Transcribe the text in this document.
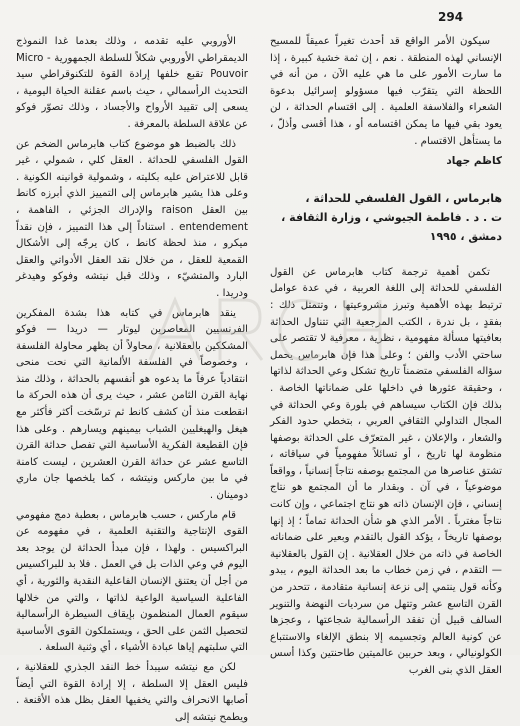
294

سيكون الأمر الواقع قد أحدث تغيراً عميقاً للمسيح الإنساني لهذه المنطقة . نعم ، إن ثمة خشية كبيرة ، إذا ما سارت الأمور على ما هي عليه الآن ، من أنه في اللحظة التي يتقرّب فيها مسؤولو إسرائيل بدعوة الشعراء والفلاسفة العلمية . إلى اقتسام الحداثة ، لن يعود بقي فيها ما يمكن اقتسامه أو ، هذا أقسى وأذلّ ، ما يستأهل الاقتسام .

كاظم جهاد

هابرماس ، القول الفلسفي للحداثة ،
ت . د . فاطمة الجيوشي ، وزارة الثقافة ،
دمشق ، ١٩٩٥

تكمن أهمية ترجمة كتاب هابرماس عن القول الفلسفي للحداثة إلى اللغة العربية ، في عدة عوامل ترتبط بهذه الأهمية وتبرز مشروعيتها ، وتتمثل ذلك : بفقدٍ ، بل ندرة ، الكتب المرجعية التي تتناول الحداثة بعافيتها مسألة مفهومية ، نظرية ، معرفية لا تقتصر على ساحتي الأدب والفن ؛ وعلى هذا فإن هابرماس يحمل سؤاله الفلسفي متضمناً تاريخ تشكل وعي الحداثة لذاتها ، وحقيقة عثورها في داخلها على ضماناتها الخاصة . بذلك فإن الكتاب سيساهم في بلورة وعي الحداثة في المجال التداولي الثقافي العربي ، بتخطي حدود الفكر والشعار ، والإعلان ، غير المتعرّف على الحداثة بوصفها منظومة لها تاريخ ، أو تسائلاً مفهومياً في سياقاته ، تشتق عناصرها من المجتمع بوصفه نتاجاً إنسانياً ، وواقعاً موضوعياً ، في آن . وبقدار ما أن المجتمع هو نتاج إنساني ، فإن الإنسان ذاته هو نتاج اجتماعي ، وإن كانت نتاجاً مغترباً . الأمر الذي هو شأن الحداثة تماماً ؛ إذ إنها بوصفها تاريخاً ، يؤكد القول بالتقدم وبعير على ضماناته الخاصة في ذاته من خلال العقلانية . إن القول بالعقلانية — التقدم ، في زمن خطاب ما بعد الحداثة اليوم ، يبدو وكأنه قول ينتمي إلى نزعة إنسانية متقادمة ، تتحدر من القرن التاسع عشر وتتهل من سرديات النهضة والتنوير السالف قبيل أن تفقد الرأسمالية شجاعتها ، وعجزها عن كونية العالم وتجسيمه إلا بنطق الإلغاء والاستتباع الكولونيالي ، وبعد حربين عالميتين طاحنتين وكذا أسس العقل الذي بنى الغرب

الأوروبي عليه تقدمه ، وذلك بعدما غدا النموذج الديمقراطي الأوروبي شكلاً للسلطة الجمهورية Micro - Pouvoir تقبع خلفها إرادة القوة للتكنوقراطي سيد التحديث الرأسمالي ، حيث باسم عقلنة الحياة اليومية ، يسعى إلى تقييد الأرواح والأجساد ، وذلك تصوّر فوكو عن علاقة السلطة بالمعرفة .

ذلك بالضبط هو موضوع كتاب هابرماس الضخم عن القول الفلسفي للحداثة . العقل كلي ، شمولي ، غير قابل للاعتراض عليه بكليته ، وشمولية قوانينه الكونية . وعلى هذا يشير هابرماس إلى التمييز الذي أبرزه كانط بين العقل raison والإدراك الجزئي ، الفاهمة ، entendement . استناداً إلى هذا التمييز ، فإن نقداً ميكرو ، منذ لحظة كانط ، كان يرجّه إلى الأشكال القمعية للعقل ، من خلال نقد العقل الأدواتي والعقل البارد والمتشيّء ، وذلك قبل نيتشه وفوكو وهيدغر ودريدا .

ينقد هابرماس في كتابه هذا بشدة المفكرين الفرنسيين المعاصرين ليوتار — دريدا — فوكو المشككين بالعقلانية ، محاولاً أن يظهر محاولة الفلسفة ، وخصوصاً في الفلسفة الألمانية التي نحت منحى انتقادياً عرفاً ما يدعوه هو أنفسهم بالحداثة ، وذلك منذ نهاية القرن الثامن عشر ، حيث يرى أن هذه الحركة ما انقطعت منذ أن كشف كانط ثم ترسّخت أكثر فأكثر مع هيغل والهيغليين الشباب بيمينهم ويسارهم . وعلى هذا فإن القطيعة الفكرية الأساسية التي تفصل حداثة القرن التاسع عشر عن حداثة القرن العشرين ، ليست كامنة في ما بين ماركس ونيتشه ، كما يلخصها جان ماري دومينان .

قام ماركس ، حسب هابرماس ، بعطبة دمج مفهومي القوى الإنتاجية والتقنية العلمية ، في مفهومه عن البراكسيس . ولهذا ، فإن مبدأ الحداثة لن يوجد بعد اليوم في وعي الذات بل في العمل . فلا بد للبراكسيس من أجل أن يعتنق الإنسان الفاعلية النقدية والثورية ، أي الفاعلية السياسية الواعية لذاتها ، والتي من خلالها سيقوم العمال المنظمون بإيقاف السيطرة الرأسمالية لتحصيل الثمن على الحق ، ويستملكون القوى الأساسية التي سلبتهم إياها عبادة الأشياء ، أي وثنية السلعة .

لكن مع نيتشه سيبدأ خط النقد الجذري للعقلانية ، فليس العقل إلا السلطة ، إلا إرادة القوة التي أيضاً أصابها الانحراف والتي يخفيها العقل بظل هذه الأقنعة . ويطمح نيتشه إلى
